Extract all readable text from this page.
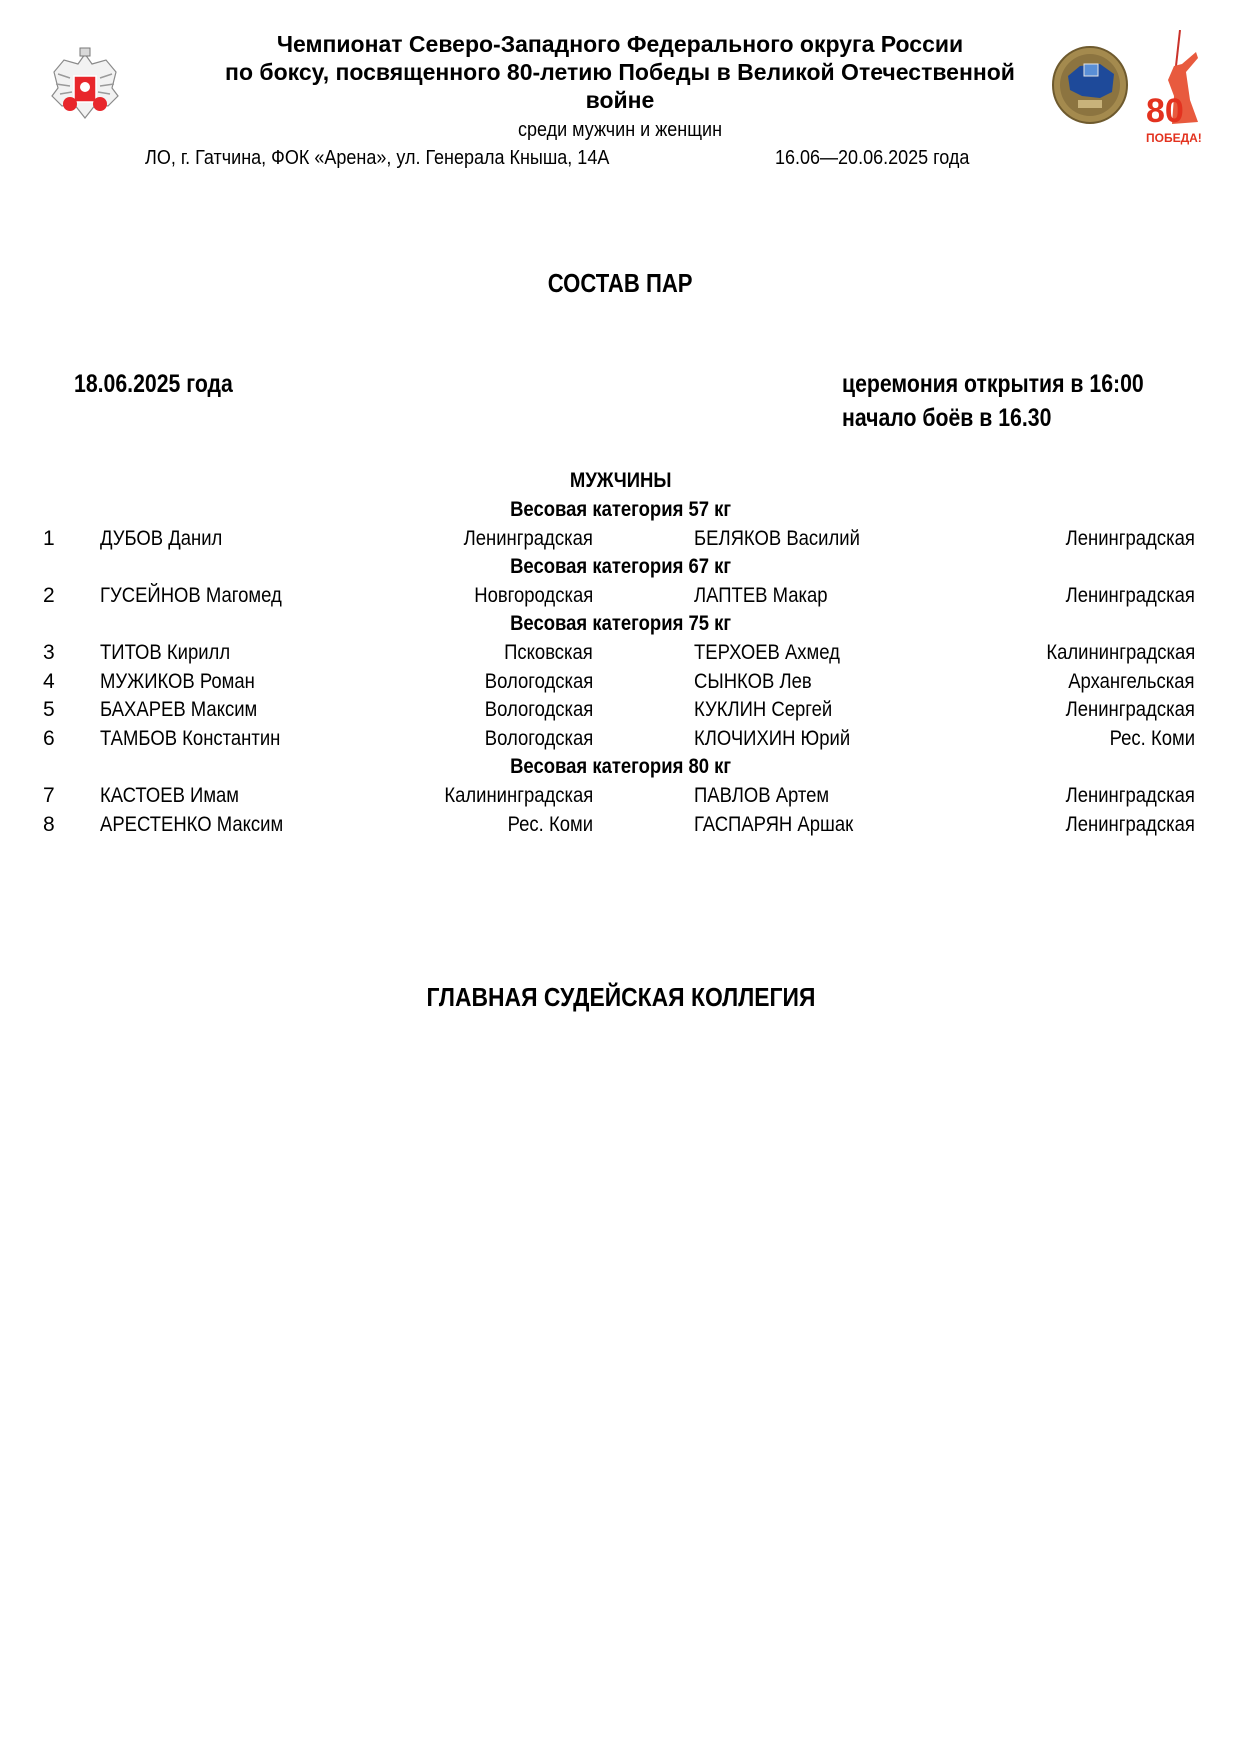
Чемпионат Северо-Западного Федерального округа России
по боксу, посвященного 80-летию Победы в Великой Отечественной
войне
среди мужчин и женщин
ЛО, г. Гатчина, ФОК «Арена», ул. Генерала Кныша, 14А	16.06—20.06.2025 года
80
ПОБЕДА!
СОСТАВ ПАР
18.06.2025 года	церемония открытия в 16:00
начало боёв в 16.30
МУЖЧИНЫ
Весовая категория 57 кг
1 ДУБОВ Данил	Ленинградская	БЕЛЯКОВ Василий	Ленинградская
Весовая категория 67 кг
2 ГУСЕЙНОВ Магомед	Новгородская	ЛАПТЕВ Макар	Ленинградская
Весовая категория 75 кг
3 ТИТОВ Кирилл	Псковская	ТЕРХОЕВ Ахмед	Калининградская
4 МУЖИКОВ Роман	Вологодская	СЫНКОВ Лев	Архангельская
5 БАХАРЕВ Максим	Вологодская	КУКЛИН Сергей	Ленинградская
6 ТАМБОВ Константин	Вологодская	КЛОЧИХИН Юрий	Рес. Коми
Весовая категория 80 кг
7 КАСТОЕВ Имам	Калининградская	ПАВЛОВ Артем	Ленинградская
8 АРЕСТЕНКО Максим	Рес. Коми	ГАСПАРЯН Аршак	Ленинградская
ГЛАВНАЯ СУДЕЙСКАЯ КОЛЛЕГИЯ
